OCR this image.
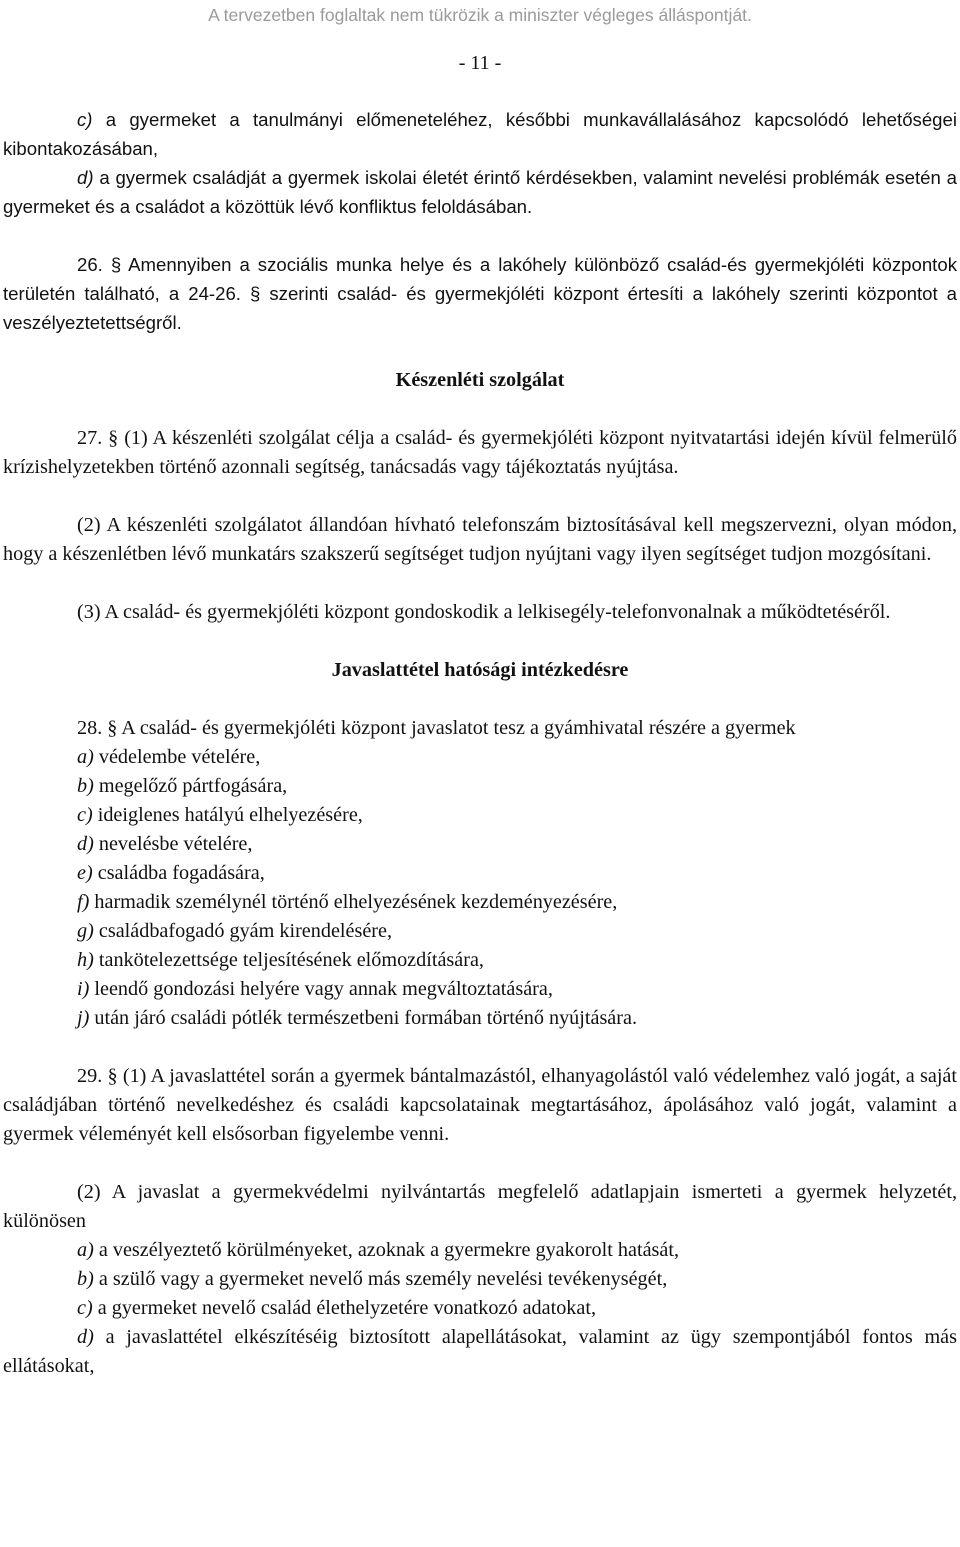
A tervezetben foglaltak nem tükrözik a miniszter végleges álláspontját.
- 11 -

c) a gyermeket a tanulmányi előmeneteléhez, későbbi munkavállalásához kapcsolódó lehetőségei kibontakozásában,

d) a gyermek családját a gyermek iskolai életét érintő kérdésekben, valamint nevelési problémák esetén a gyermeket és a családot a közöttük lévő konfliktus feloldásában.

26. § Amennyiben a szociális munka helye és a lakóhely különböző család-és gyermekjóléti központok területén található, a 24-26. § szerinti család- és gyermekjóléti központ értesíti a lakóhely szerinti központot a veszélyeztetettségről.

Készenléti szolgálat

27. § (1) A készenléti szolgálat célja a család- és gyermekjóléti központ nyitvatartási idején kívül felmerülő krízishelyzetekben történő azonnali segítség, tanácsadás vagy tájékoztatás nyújtása.

(2) A készenléti szolgálatot állandóan hívható telefonszám biztosításával kell megszervezni, olyan módon, hogy a készenlétben lévő munkatárs szakszerű segítséget tudjon nyújtani vagy ilyen segítséget tudjon mozgósítani.

(3) A család- és gyermekjóléti központ gondoskodik a lelkisegély-telefonvonalnak a működtetéséről.

Javaslattétel hatósági intézkedésre

28. § A család- és gyermekjóléti központ javaslatot tesz a gyámhivatal részére a gyermek

a) védelembe vételére,

b) megelőző pártfogására,

c) ideiglenes hatályú elhelyezésére,

d) nevelésbe vételére,

e) családba fogadására,

f) harmadik személynél történő elhelyezésének kezdeményezésére,

g) családbafogadó gyám kirendelésére,

h) tankötelezettsége teljesítésének előmozdítására,

i) leendő gondozási helyére vagy annak megváltoztatására,

j) után járó családi pótlék természetbeni formában történő nyújtására.

29. § (1) A javaslattétel során a gyermek bántalmazástól, elhanyagolástól való védelemhez való jogát, a saját családjában történő nevelkedéshez és családi kapcsolatainak megtartásához, ápolásához való jogát, valamint a gyermek véleményét kell elsősorban figyelembe venni.

(2) A javaslat a gyermekvédelmi nyilvántartás megfelelő adatlapjain ismerteti a gyermek helyzetét, különösen

a) a veszélyeztető körülményeket, azoknak a gyermekre gyakorolt hatását,

b) a szülő vagy a gyermeket nevelő más személy nevelési tevékenységét,

c) a gyermeket nevelő család élethelyzetére vonatkozó adatokat,

d) a javaslattétel elkészítéséig biztosított alapellátásokat, valamint az ügy szempontjából fontos más ellátásokat,
